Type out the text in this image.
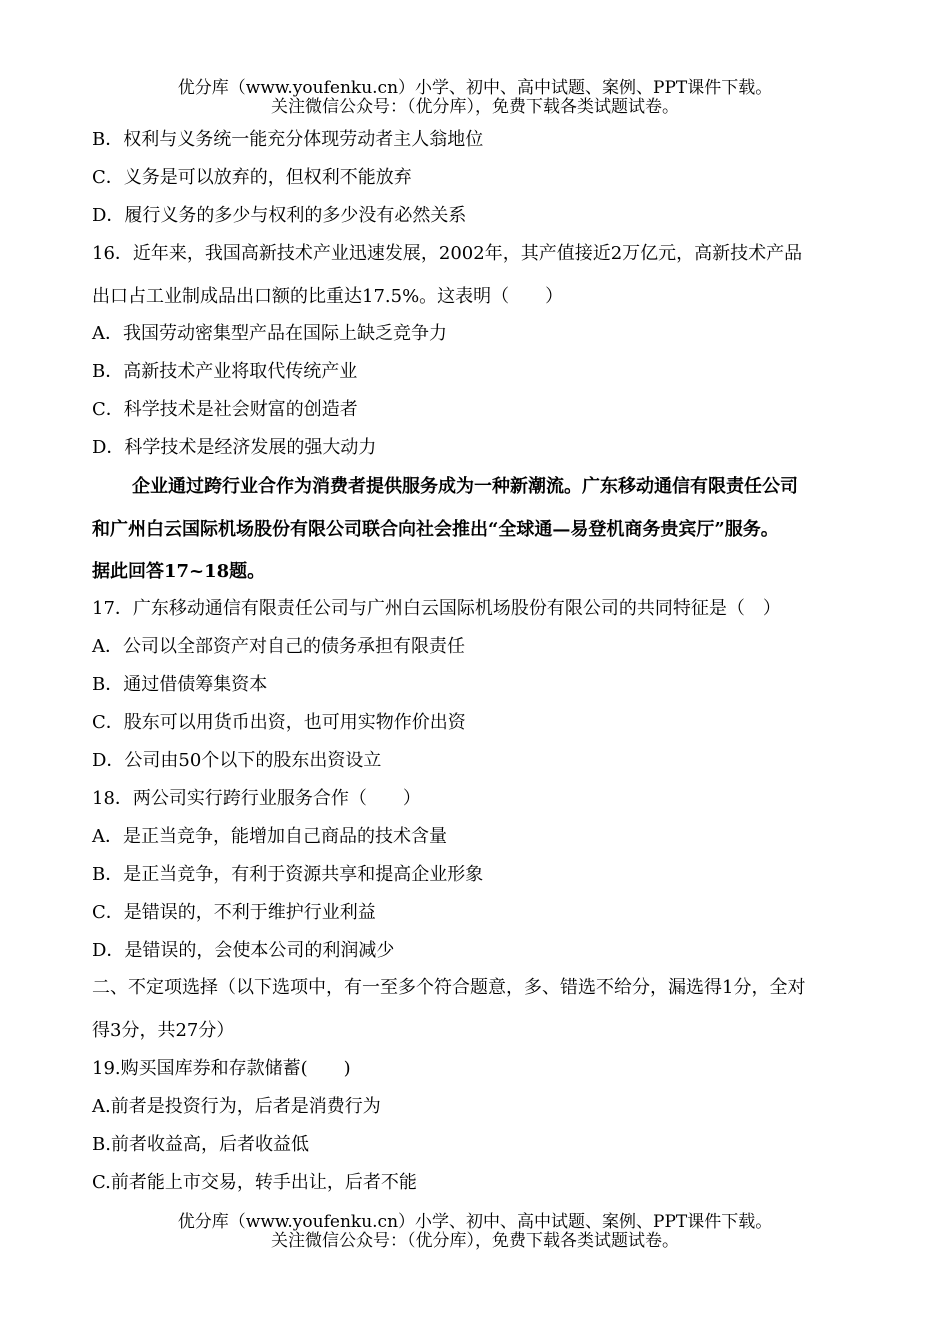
优分库（www.youfenku.cn）小学、初中、高中试题、案例、PPT课件下载。
关注微信公众号：（优分库），免费下载各类试题试卷。
B．权利与义务统一能充分体现劳动者主人翁地位
C．义务是可以放弃的，但权利不能放弃
D．履行义务的多少与权利的多少没有必然关系
16．近年来，我国高新技术产业迅速发展，2002年，其产值接近2万亿元，高新技术产品
出口占工业制成品出口额的比重达17.5%。这表明（　　）
A．我国劳动密集型产品在国际上缺乏竞争力
B．高新技术产业将取代传统产业
C．科学技术是社会财富的创造者
D．科学技术是经济发展的强大动力
企业通过跨行业合作为消费者提供服务成为一种新潮流。广东移动通信有限责任公司
和广州白云国际机场股份有限公司联合向社会推出“全球通—易登机商务贵宾厅”服务。
据此回答17~18题。
17．广东移动通信有限责任公司与广州白云国际机场股份有限公司的共同特征是（　）
A．公司以全部资产对自己的债务承担有限责任
B．通过借债筹集资本
C．股东可以用货币出资，也可用实物作价出资
D．公司由50个以下的股东出资设立
18．两公司实行跨行业服务合作（　　）
A．是正当竞争，能增加自己商品的技术含量
B．是正当竞争，有利于资源共享和提高企业形象
C．是错误的，不利于维护行业利益
D．是错误的，会使本公司的利润减少
二、不定项选择（以下选项中，有一至多个符合题意，多、错选不给分，漏选得1分，全对
得3分，共27分）
19.购买国库券和存款储蓄(　　)
A.前者是投资行为，后者是消费行为
B.前者收益高，后者收益低
C.前者能上市交易，转手出让，后者不能
优分库（www.youfenku.cn）小学、初中、高中试题、案例、PPT课件下载。
关注微信公众号：（优分库），免费下载各类试题试卷。
